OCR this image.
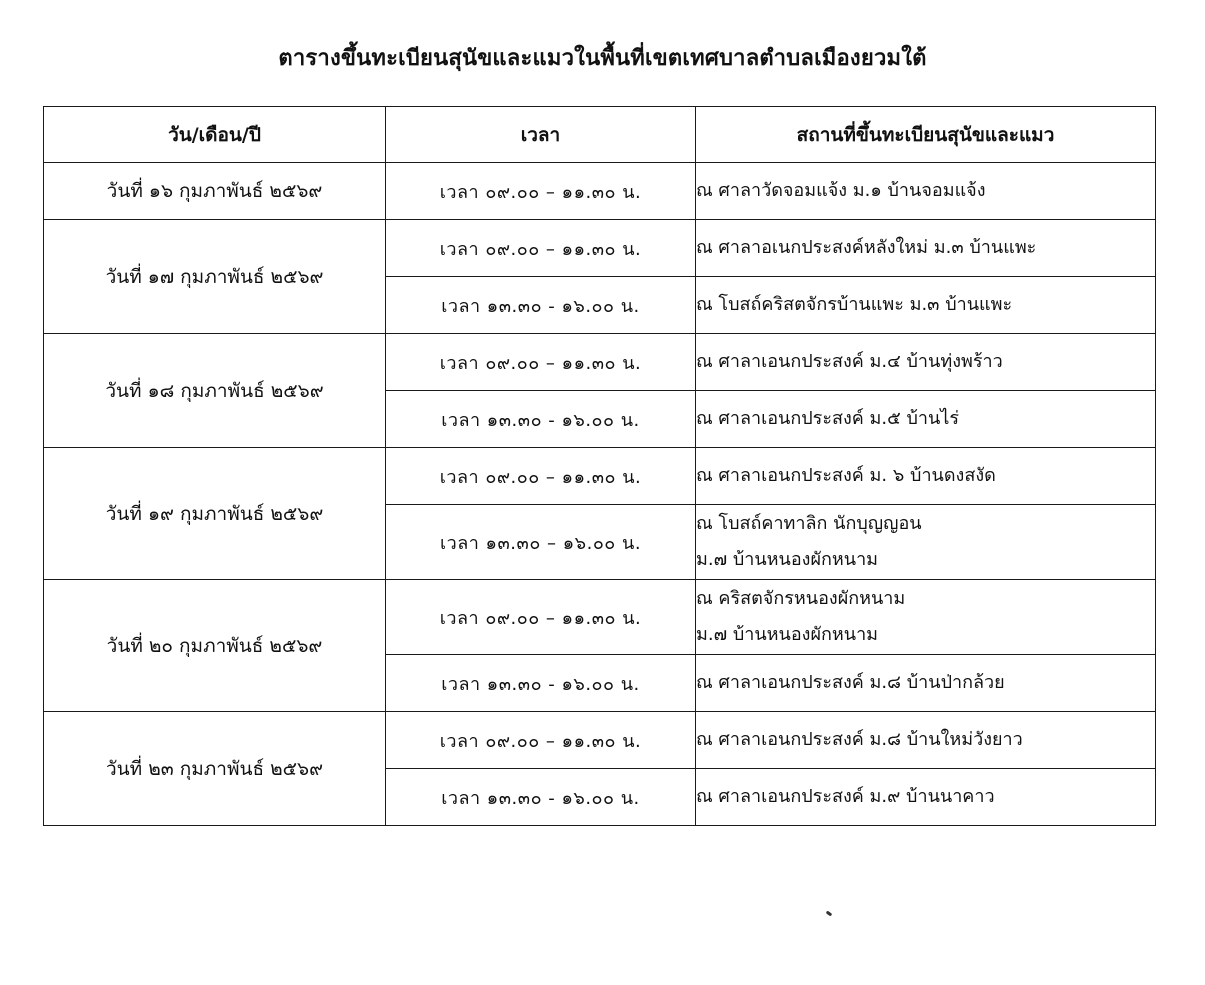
ตารางขึ้นทะเบียนสุนัขและแมวในพื้นที่เขตเทศบาลตำบลเมืองยวมใต้
วัน/เดือน/ปี	เวลา	สถานที่ขึ้นทะเบียนสุนัขและแมว
วันที่ ๑๖ กุมภาพันธ์ ๒๕๖๙	เวลา ๐๙.๐๐ – ๑๑.๓๐ น.	ณ ศาลาวัดจอมแจ้ง ม.๑ บ้านจอมแจ้ง

วันที่ ๑๗ กุมภาพันธ์ ๒๕๖๙	เวลา ๐๙.๐๐ – ๑๑.๓๐ น.	ณ ศาลาอเนกประสงค์หลังใหม่ ม.๓ บ้านแพะ

	เวลา ๑๓.๓๐ - ๑๖.๐๐ น.	ณ โบสถ์คริสตจักรบ้านแพะ ม.๓ บ้านแพะ

วันที่ ๑๘ กุมภาพันธ์ ๒๕๖๙	เวลา ๐๙.๐๐ – ๑๑.๓๐ น.	ณ ศาลาเอนกประสงค์ ม.๔ บ้านทุ่งพร้าว

	เวลา ๑๓.๓๐ - ๑๖.๐๐ น.	ณ ศาลาเอนกประสงค์ ม.๕ บ้านไร่

วันที่ ๑๙ กุมภาพันธ์ ๒๕๖๙	เวลา ๐๙.๐๐ – ๑๑.๓๐ น.	ณ ศาลาเอนกประสงค์ ม. ๖ บ้านดงสงัด

	เวลา ๑๓.๓๐ – ๑๖.๐๐ น.	ณ โบสถ์คาทาลิก นักบุญญอน
ม.๗ บ้านหนองผักหนาม

วันที่ ๒๐ กุมภาพันธ์ ๒๕๖๙	เวลา ๐๙.๐๐ – ๑๑.๓๐ น.	ณ คริสตจักรหนองผักหนาม
ม.๗ บ้านหนองผักหนาม

	เวลา ๑๓.๓๐ - ๑๖.๐๐ น.	ณ ศาลาเอนกประสงค์ ม.๘ บ้านป่ากล้วย

วันที่ ๒๓ กุมภาพันธ์ ๒๕๖๙	เวลา ๐๙.๐๐ – ๑๑.๓๐ น.	ณ ศาลาเอนกประสงค์ ม.๘ บ้านใหม่วังยาว

	เวลา ๑๓.๓๐ - ๑๖.๐๐ น.	ณ ศาลาเอนกประสงค์ ม.๙ บ้านนาคาว
